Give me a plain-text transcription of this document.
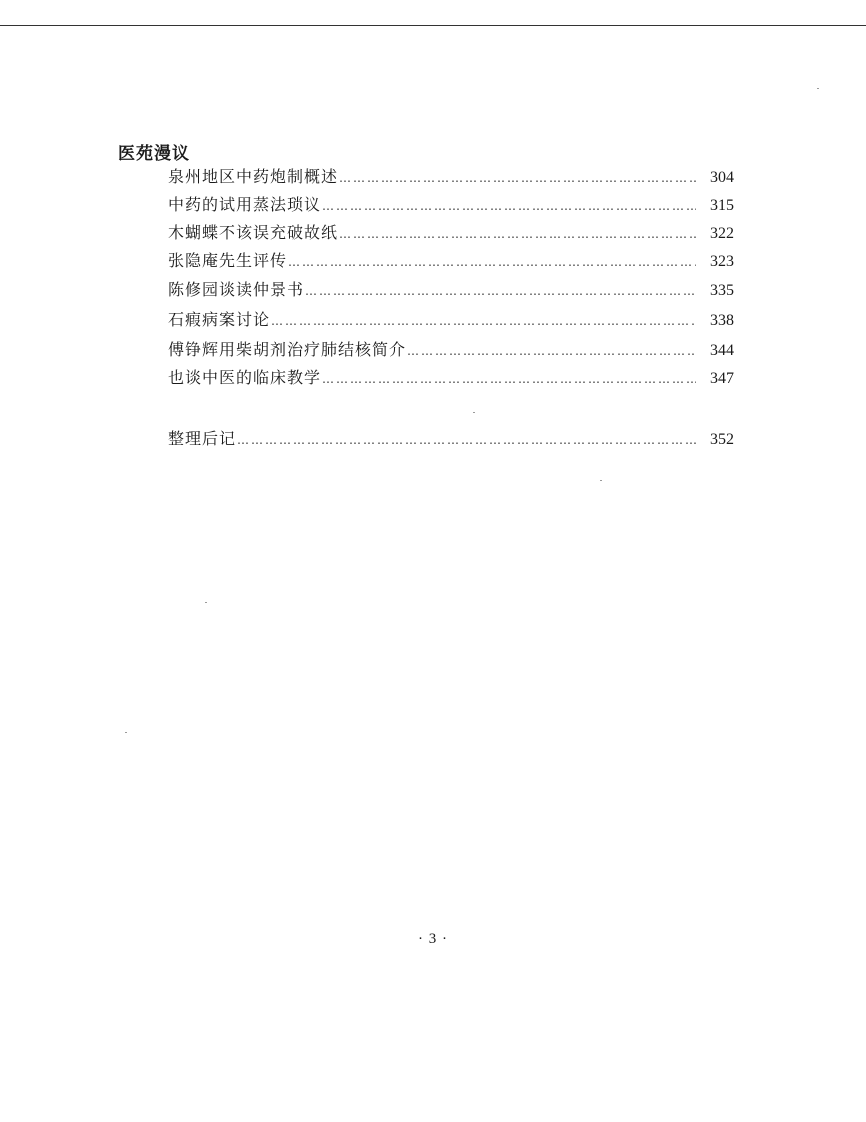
医苑漫议
泉州地区中药炮制概述 ……………………………………………………………………………………………………………………………………	304
中药的试用蒸法琐议 ……………………………………………………………………………………………………………………………………	315
木蝴蝶不该误充破故纸 ……………………………………………………………………………………………………………………………………	322
张隐庵先生评传 ……………………………………………………………………………………………………………………………………	323
陈修园谈读仲景书 ……………………………………………………………………………………………………………………………………	335
石瘕病案讨论 ……………………………………………………………………………………………………………………………………	338
傅铮辉用柴胡剂治疗肺结核简介 ……………………………………………………………………………………………………………………………………	344
也谈中医的临床教学 ……………………………………………………………………………………………………………………………………	347
整理后记 ……………………………………………………………………………………………………………………………………	352
· 3 ·
